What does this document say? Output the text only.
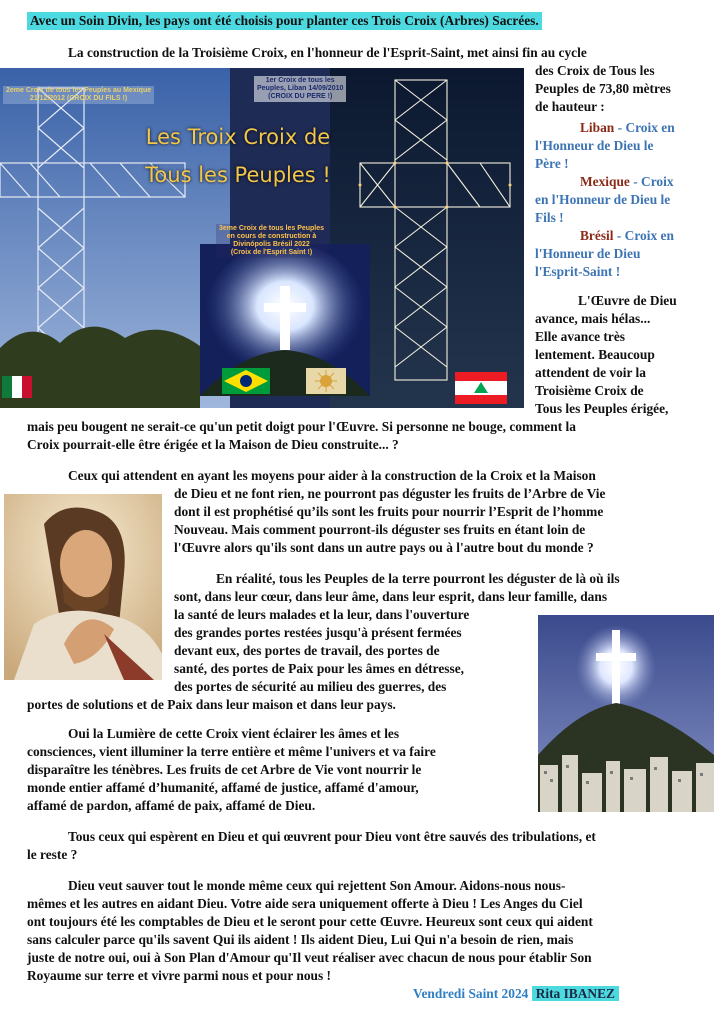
Avec un Soin Divin, les pays ont été choisis pour planter ces Trois Croix (Arbres) Sacrées.
2eme Croix de tous les Peuples au Mexique
21/12/2012 (CROIX DU FILS !)
1er Croix de tous les
Peuples, Liban 14/09/2010
(CROIX DU PERE !)
Les Troix Croix de
Tous les Peuples !
3eme Croix de tous les Peuples
en cours de construction à
Divinópolis Brésil 2022
(Croix de l'Esprit Saint !)
La construction de la Troisième Croix, en l'honneur de l'Esprit-Saint, met ainsi fin au cycle
des Croix de Tous les
Peuples de 73,80 mètres
de hauteur :
Liban - Croix en
l'Honneur de Dieu le
Père !
Mexique - Croix
en l'Honneur de Dieu le
Fils !
Brésil - Croix en
l'Honneur de Dieu
l'Esprit-Saint !
L'Œuvre de Dieu
avance, mais hélas...
Elle avance très
lentement. Beaucoup
attendent de voir la
Troisième Croix de
Tous les Peuples érigée,
mais peu bougent ne serait-ce qu'un petit doigt pour l'Œuvre. Si personne ne bouge, comment la
Croix pourrait-elle être érigée et la Maison de Dieu construite... ?
Ceux qui attendent en ayant les moyens pour aider à la construction de la Croix et la Maison
de Dieu et ne font rien, ne pourront pas déguster les fruits de l’Arbre de Vie
dont il est prophétisé qu’ils sont les fruits pour nourrir l’Esprit de l’homme
Nouveau. Mais comment pourront-ils déguster ses fruits en étant loin de
l'Œuvre alors qu'ils sont dans un autre pays ou à l'autre bout du monde ?
En réalité, tous les Peuples de la terre pourront les déguster de là où ils
sont, dans leur cœur, dans leur âme, dans leur esprit, dans leur famille, dans
la santé de leurs malades et la leur, dans l'ouverture
des grandes portes restées jusqu'à présent fermées
devant eux, des portes de travail, des portes de
santé, des portes de Paix pour les âmes en détresse,
des portes de sécurité au milieu des guerres, des
portes de solutions et de Paix dans leur maison et dans leur pays.
Oui la Lumière de cette Croix vient éclairer les âmes et les
consciences, vient illuminer la terre entière et même l'univers et va faire
disparaître les ténèbres. Les fruits de cet Arbre de Vie vont nourrir le
monde entier affamé d’humanité, affamé de justice, affamé d'amour,
affamé de pardon, affamé de paix, affamé de Dieu.
Tous ceux qui espèrent en Dieu et qui œuvrent pour Dieu vont être sauvés des tribulations, et
le reste ?
Dieu veut sauver tout le monde même ceux qui rejettent Son Amour. Aidons-nous nous-
mêmes et les autres en aidant Dieu. Votre aide sera uniquement offerte à Dieu ! Les Anges du Ciel
ont toujours été les comptables de Dieu et le seront pour cette Œuvre. Heureux sont ceux qui aident
sans calculer parce qu'ils savent Qui ils aident ! Ils aident Dieu, Lui Qui n'a besoin de rien, mais
juste de notre oui, oui à Son Plan d'Amour qu'Il veut réaliser avec chacun de nous pour établir Son
Royaume sur terre et vivre parmi nous et pour nous !
Vendredi Saint 2024 Rita IBANEZ
